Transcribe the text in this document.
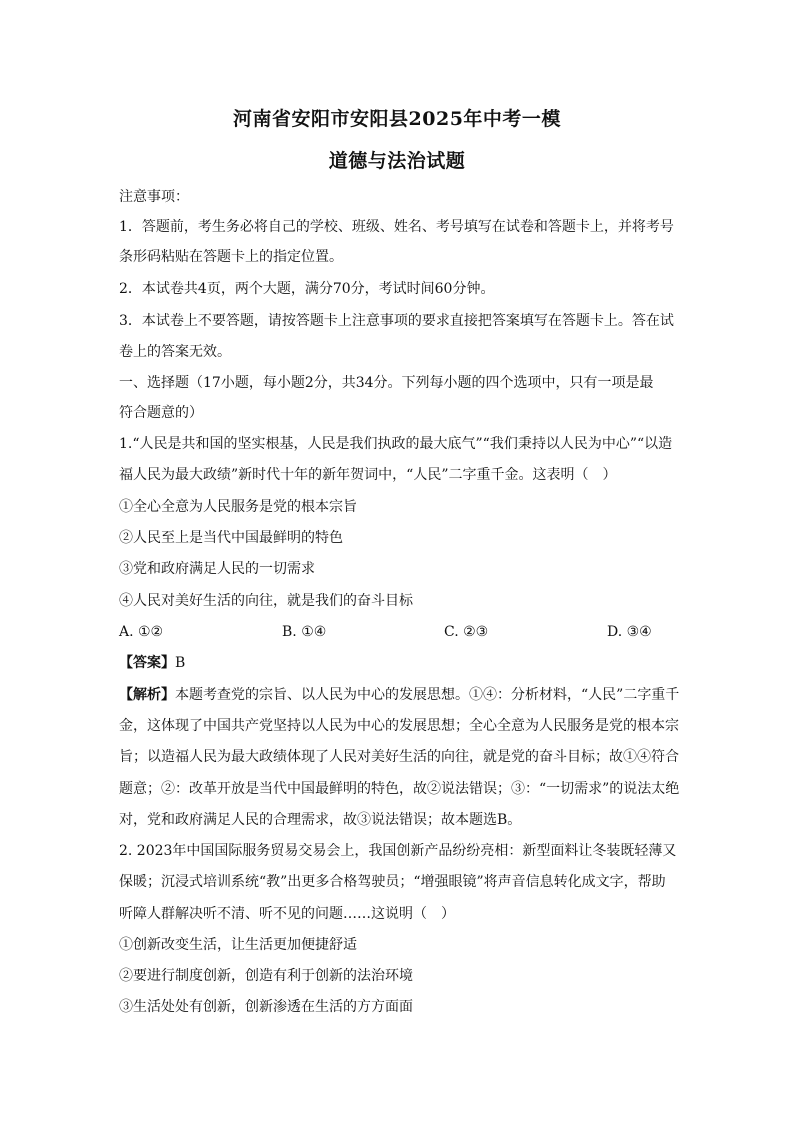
河南省安阳市安阳县2025年中考一模
道德与法治试题
注意事项：
1．答题前，考生务必将自己的学校、班级、姓名、考号填写在试卷和答题卡上，并将考号
条形码粘贴在答题卡上的指定位置。
2．本试卷共4页，两个大题，满分70分，考试时间60分钟。
3．本试卷上不要答题，请按答题卡上注意事项的要求直接把答案填写在答题卡上。答在试
卷上的答案无效。
一、选择题（17小题，每小题2分，共34分。下列每小题的四个选项中，只有一项是最
符合题意的）
1.“人民是共和国的坚实根基，人民是我们执政的最大底气”“我们秉持以人民为中心”“以造
福人民为最大政绩”新时代十年的新年贺词中，“人民”二字重千金。这表明（　）
①全心全意为人民服务是党的根本宗旨
②人民至上是当代中国最鲜明的特色
③党和政府满足人民的一切需求
④人民对美好生活的向往，就是我们的奋斗目标
A. ①②	B. ①④	C. ②③	D. ③④
【答案】B
【解析】本题考查党的宗旨、以人民为中心的发展思想。①④：分析材料，“人民”二字重千
金，这体现了中国共产党坚持以人民为中心的发展思想；全心全意为人民服务是党的根本宗
旨；以造福人民为最大政绩体现了人民对美好生活的向往，就是党的奋斗目标；故①④符合
题意；②：改革开放是当代中国最鲜明的特色，故②说法错误；③：“一切需求”的说法太绝
对，党和政府满足人民的合理需求，故③说法错误；故本题选B。
2. 2023年中国国际服务贸易交易会上，我国创新产品纷纷亮相：新型面料让冬装既轻薄又
保暖；沉浸式培训系统“教”出更多合格驾驶员；“增强眼镜”将声音信息转化成文字，帮助
听障人群解决听不清、听不见的问题……这说明（　）
①创新改变生活，让生活更加便捷舒适
②要进行制度创新，创造有利于创新的法治环境
③生活处处有创新，创新渗透在生活的方方面面
